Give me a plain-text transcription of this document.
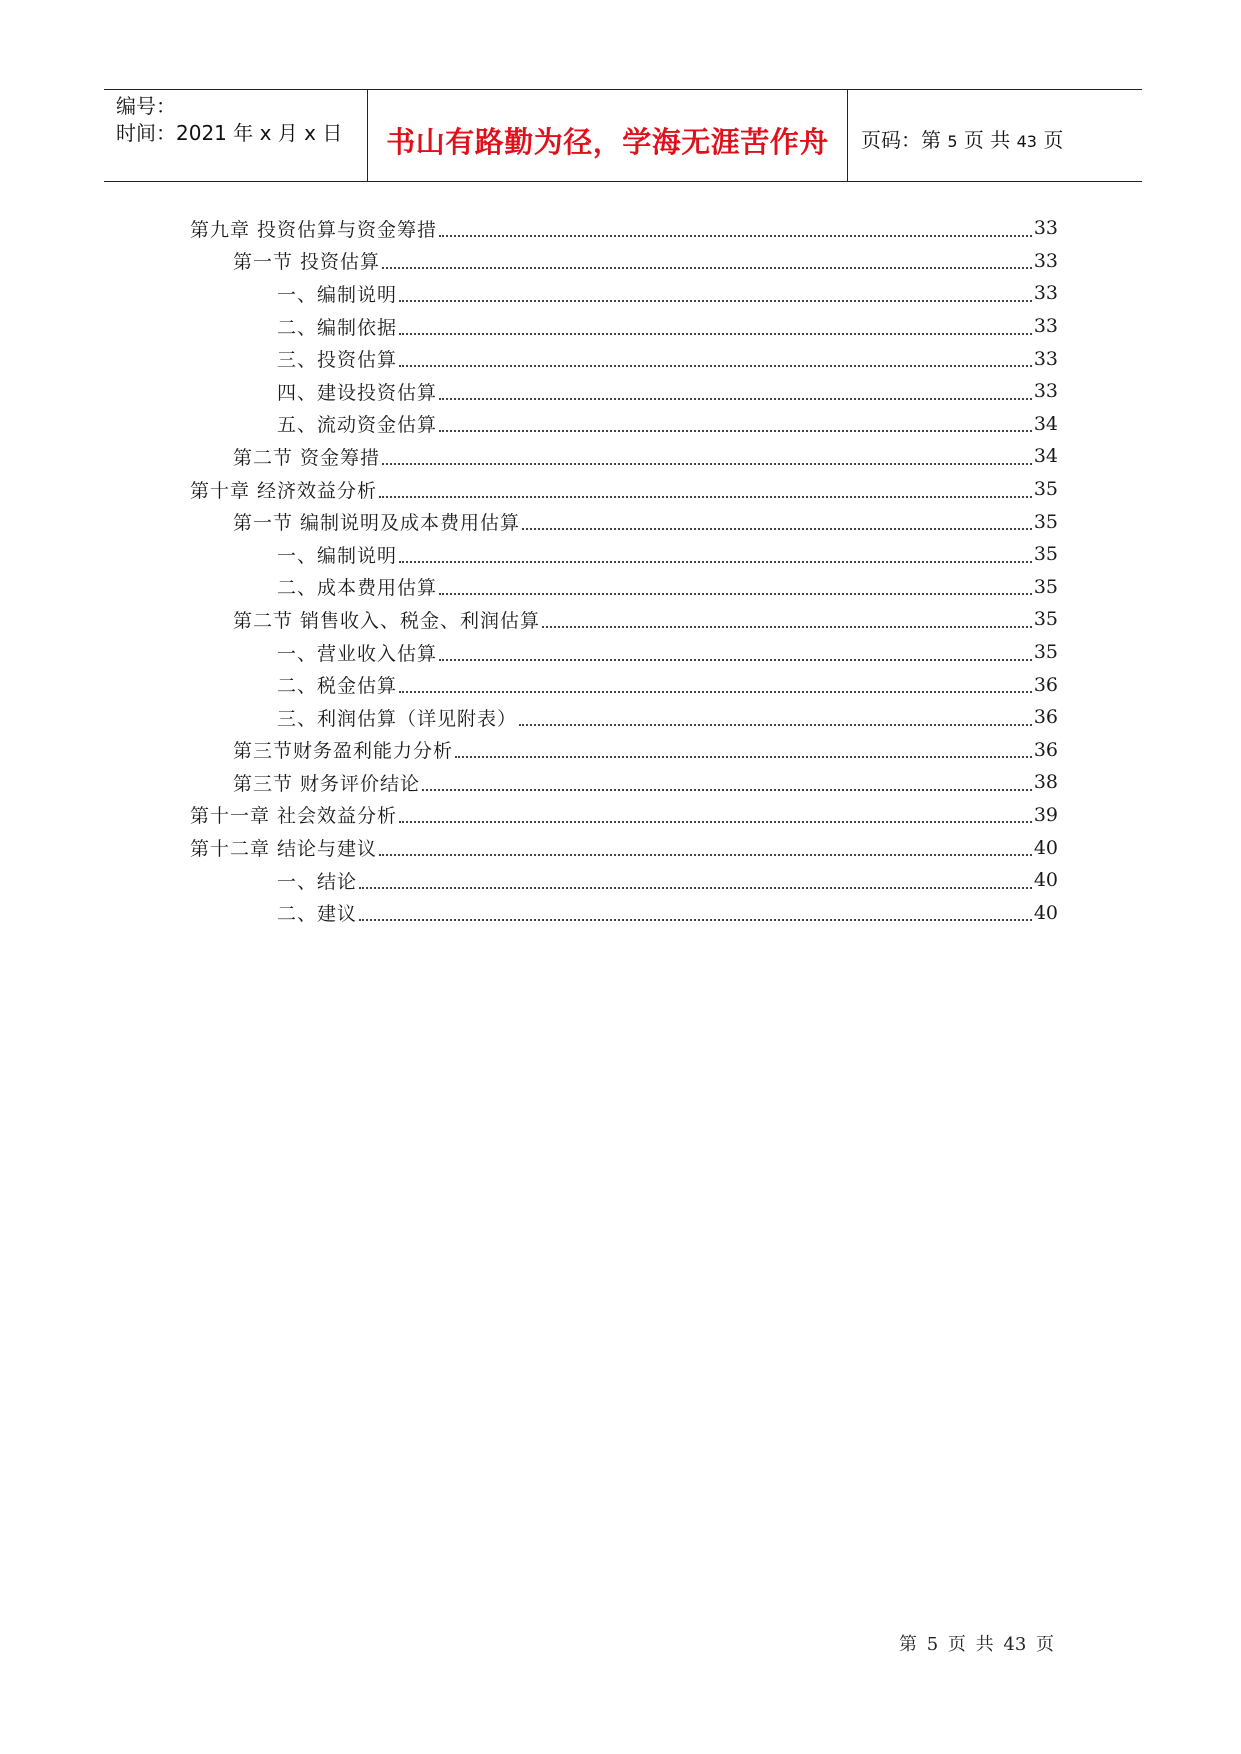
编号：
时间：2021 年 x 月 x 日	书山有路勤为径，学海无涯苦作舟	页码：第 5 页 共 43 页
第九章 投资估算与资金筹措	33
第一节 投资估算	33
一、编制说明	33
二、编制依据	33
三、投资估算	33
四、建设投资估算	33
五、流动资金估算	34
第二节 资金筹措	34
第十章 经济效益分析	35
第一节 编制说明及成本费用估算	35
一、编制说明	35
二、成本费用估算	35
第二节 销售收入、税金、利润估算	35
一、营业收入估算	35
二、税金估算	36
三、利润估算（详见附表）	36
第三节财务盈利能力分析	36
第三节 财务评价结论	38
第十一章 社会效益分析	39
第十二章 结论与建议	40
一、结论	40
二、建议	40
第 5 页 共 43 页
